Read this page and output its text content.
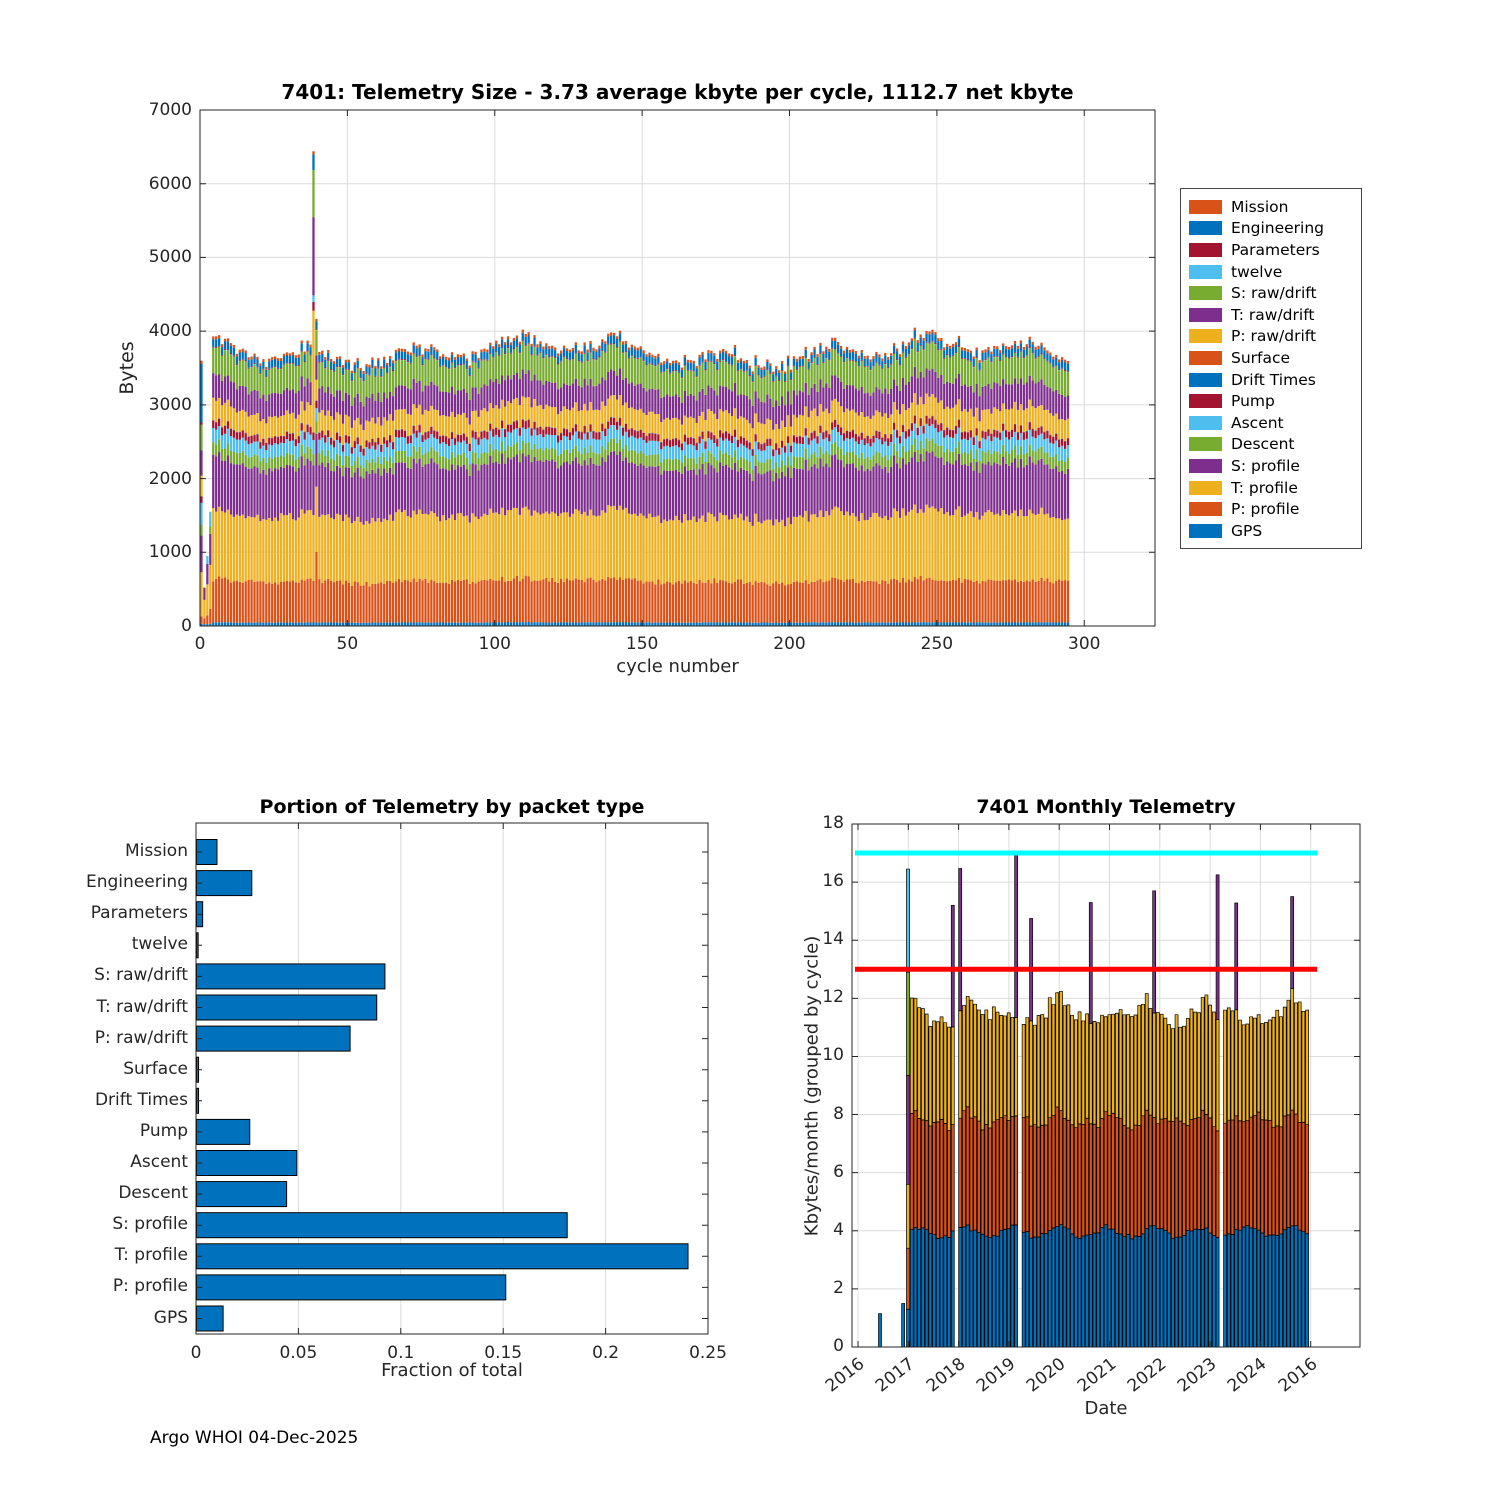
7401: Telemetry Size - 3.73 average kbyte per cycle, 1112.7 net kbyte
Bytes
cycle number
Mission
Engineering
Parameters
twelve
S: raw/drift
T: raw/drift
P: raw/drift
Surface
Drift Times
Pump
Ascent
Descent
S: profile
T: profile
P: profile
GPS
Portion of Telemetry by packet type
Fraction of total
7401 Monthly Telemetry
Kbytes/month (grouped by cycle)
Date
Argo WHOI 04-Dec-2025
0
1000
2000
3000
4000
5000
6000
7000
0	50	100	150	200	250	300
Mission
Engineering
Parameters
twelve
S: raw/drift
T: raw/drift
P: raw/drift
Surface
Drift Times
Pump
Ascent
Descent
S: profile
T: profile
P: profile
GPS
0	0.05	0.1	0.15	0.2	0.25	0
2
4
6
8
10
12
14
16
18
2016 2017 2018 2019 2020 2021 2022 2023 2024 2016
